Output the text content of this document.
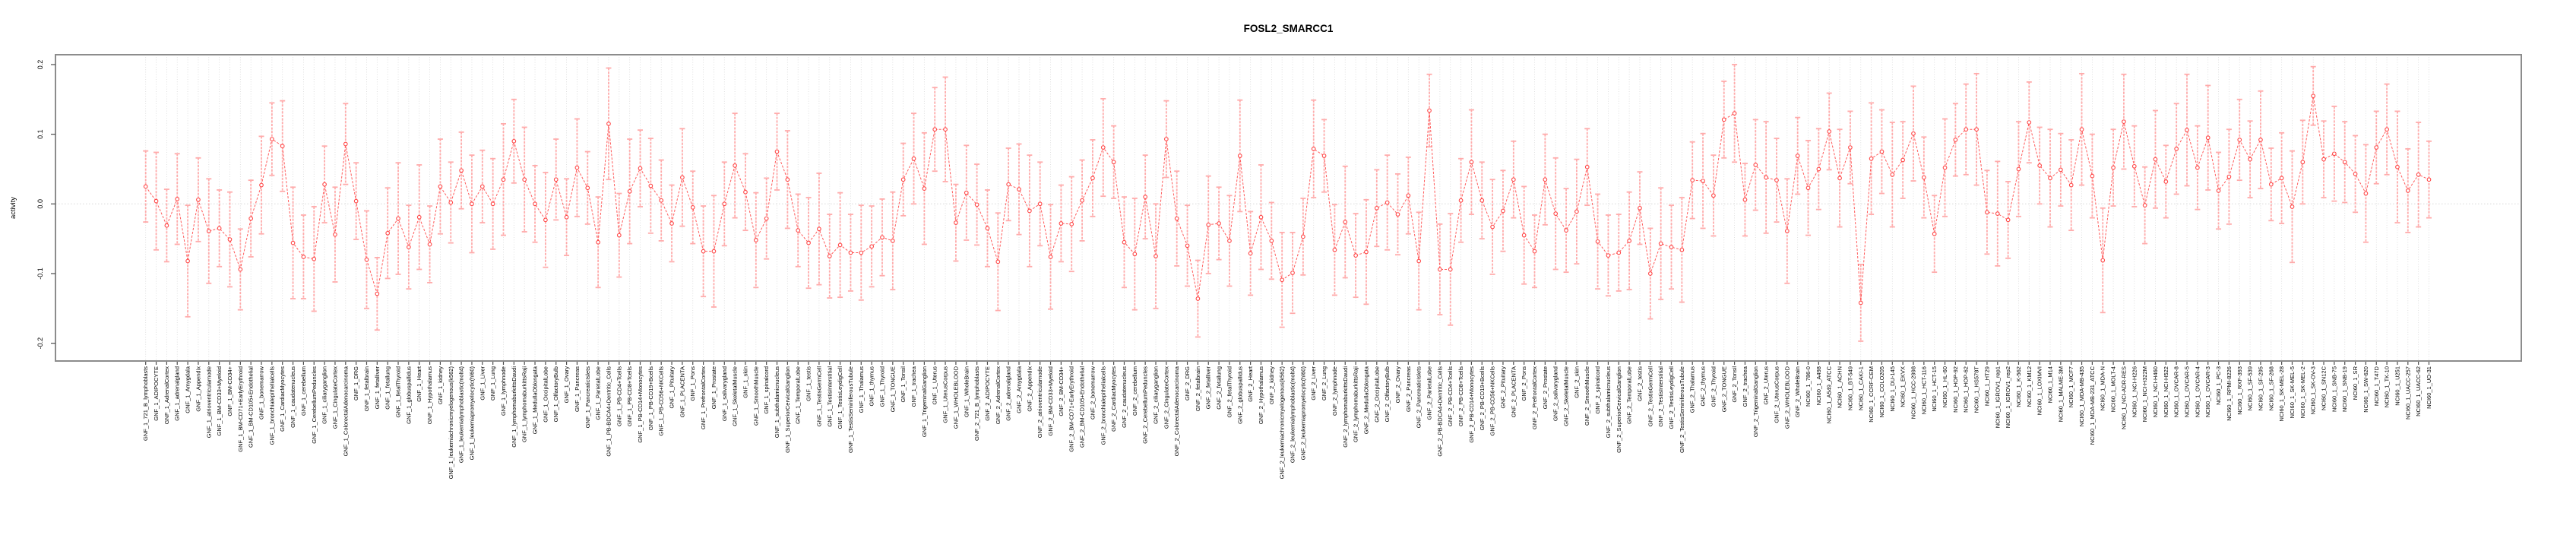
0.2
0.1
0.0
-0.1
-0.2
activity
GNF_1_721_B_lymphoblasts GNF_1_ADIPOCYTE GNF_1_AdrenalCortex GNF_1_adrenalgland GNF_1_Amygdala GNF_1_Appendix GNF_1_atrioventricularnode GNF_1_BM-CD33+Myeloid GNF_1_BM-CD34+ GNF_1_BM-CD71+EarlyErythroid GNF_1_BM-CD105+Endothelial GNF_1_bonemarrow GNF_1_bronchialepithelialcells GNF_1_CardiacMyocytes GNF_1_caudatenucleus GNF_1_cerebellum GNF_1_CerebellumPeduncles GNF_1_ciliaryganglion GNF_1_CingulateCortex GNF_1_ColorectalAdenocarcinoma GNF_1_DRG GNF_1_fetalbrain GNF_1_fetalliver GNF_1_fetallung GNF_1_fetalThyroid GNF_1_globuspallidus GNF_1_Heart GNF_1_Hypothalamus GNF_1_kidney GNF_1_leukemiachronicmyelogenous(k562) GNF_1_leukemialymphoblastic(molt4) GNF_1_leukemiapromyelocytic(hl60) GNF_1_Liver GNF_1_Lung GNF_1_lymphnode GNF_1_lymphomaburkittsDaudi GNF_1_lymphomaburkittsRaji GNF_1_MedullaOblongata GNF_1_OccipitalLobe GNF_1_OlfactoryBulb GNF_1_Ovary GNF_1_Pancreas GNF_1_PancreaticIslets GNF_1_ParietalLobe GNF_1_PB-BDCA4+Dentritic_Cells GNF_1_PB-CD4+Tcells GNF_1_PB-CD8+Tcells GNF_1_PB-CD14+Monocytes GNF_1_PB-CD19+Bcells GNF_1_PB-CD56+NKCells GNF_1_Pituitary GNF_1_PLACENTA GNF_1_Pons GNF_1_PrefrontalCortex GNF_1_Prostate GNF_1_salivarygland GNF_1_SkeletalMuscle GNF_1_skin GNF_1_SmoothMuscle GNF_1_spinalcord GNF_1_subthalamicnucleus GNF_1_SuperiorCervicalGanglion GNF_1_TemporalLobe GNF_1_testis GNF_1_TestisGermCell GNF_1_TestisInterstitial GNF_1_TestisLeydigCell GNF_1_TestisSeminiferousTubule GNF_1_Thalamus GNF_1_thymus GNF_1_Thyroid GNF_1_TONGUE GNF_1_Tonsil GNF_1_trachea GNF_1_TrigeminalGanglion GNF_1_Uterus GNF_1_UterusCorpus GNF_1_WHOLEBLOOD GNF_1_WholeBrain GNF_2_721_B_lymphoblasts GNF_2_ADIPOCYTE GNF_2_AdrenalCortex GNF_2_adrenalgland GNF_2_Amygdala GNF_2_Appendix GNF_2_atrioventricularnode GNF_2_BM-CD33+Myeloid GNF_2_BM-CD34+ GNF_2_BM-CD71+EarlyErythroid GNF_2_BM-CD105+Endothelial GNF_2_bonemarrow GNF_2_bronchialepithelialcells GNF_2_CardiacMyocytes GNF_2_caudatenucleus GNF_2_cerebellum GNF_2_CerebellumPeduncles GNF_2_ciliaryganglion GNF_2_CingulateCortex GNF_2_ColorectalAdenocarcinoma GNF_2_DRG GNF_2_fetalbrain GNF_2_fetalliver GNF_2_fetallung GNF_2_fetalThyroid GNF_2_globuspallidus GNF_2_Heart GNF_2_Hypothalamus GNF_2_kidney GNF_2_leukemiachronicmyelogenous(k562) GNF_2_leukemialymphoblastic(molt4) GNF_2_leukemiapromyelocytic(hl60) GNF_2_Liver GNF_2_Lung GNF_2_lymphnode GNF_2_lymphomaburkittsDaudi GNF_2_lymphomaburkittsRaji GNF_2_MedullaOblongata GNF_2_OccipitalLobe GNF_2_OlfactoryBulb GNF_2_Ovary GNF_2_Pancreas GNF_2_PancreaticIslets GNF_2_ParietalLobe GNF_2_PB-BDCA4+Dentritic_Cells GNF_2_PB-CD4+Tcells GNF_2_PB-CD8+Tcells GNF_2_PB-CD14+Monocytes GNF_2_PB-CD19+Bcells GNF_2_PB-CD56+NKCells GNF_2_Pituitary GNF_2_PLACENTA GNF_2_Pons GNF_2_PrefrontalCortex GNF_2_Prostate GNF_2_salivarygland GNF_2_SkeletalMuscle GNF_2_skin GNF_2_SmoothMuscle GNF_2_spinalcord GNF_2_subthalamicnucleus GNF_2_SuperiorCervicalGanglion GNF_2_TemporalLobe GNF_2_testis GNF_2_TestisGermCell GNF_2_TestisInterstitial GNF_2_TestisLeydigCell GNF_2_TestisSeminiferousTubule GNF_2_Thalamus GNF_2_thymus GNF_2_Thyroid GNF_2_TONGUE GNF_2_Tonsil GNF_2_trachea GNF_2_TrigeminalGanglion GNF_2_Uterus GNF_2_UterusCorpus GNF_2_WHOLEBLOOD GNF_2_WholeBrain NCI60_1_786-0 NCI60_1_A498 NCI60_1_A549_ATCC NCI60_1_ACHN NCI60_1_BT-549 NCI60_1_CAKI-1 NCI60_1_CCRF-CEM NCI60_1_COLO205 NCI60_1_DU-145 NCI60_1_EKVX NCI60_1_HCC-2998 NCI60_1_HCT-116 NCI60_1_HCT-15 NCI60_1_HL-60 NCI60_1_HOP-92 NCI60_1_HOP-62 NCI60_1_HS578T NCI60_1_HT29 NCI60_1_IGROV1_rep1 NCI60_1_IGROV1_rep2 NCI60_1_K-562 NCI60_1_KM12 NCI60_1_LOXIMVI NCI60_1_M14 NCI60_1_MALME-3M NCI60_1_MCF7 NCI60_1_MDA-MB-435 NCI60_1_MDA-MB-231_ATCC NCI60_1_MDA-N NCI60_1_MOLT-4 NCI60_1_NCI-ADR-RES NCI60_1_NCI-H226 NCI60_1_NCI-H322M NCI60_1_NCI-H460 NCI60_1_NCI-H522 NCI60_1_OVCAR-8 NCI60_1_OVCAR-5 NCI60_1_OVCAR-4 NCI60_1_OVCAR-3 NCI60_1_PC-3 NCI60_1_RPMI-8226 NCI60_1_RXF-393 NCI60_1_SF-539 NCI60_1_SF-295 NCI60_1_SF-268 NCI60_1_SK-MEL-28 NCI60_1_SK-MEL-5 NCI60_1_SK-MEL-2 NCI60_1_SK-OV-3 NCI60_1_SN12C NCI60_1_SNB-75 NCI60_1_SNB-19 NCI60_1_SR NCI60_1_SW-620 NCI60_1_T47D NCI60_1_TK-10 NCI60_1_U251 NCI60_1_UACC-257 NCI60_1_UACC-62 NCI60_1_UO-31
FOSL2_SMARCC1
